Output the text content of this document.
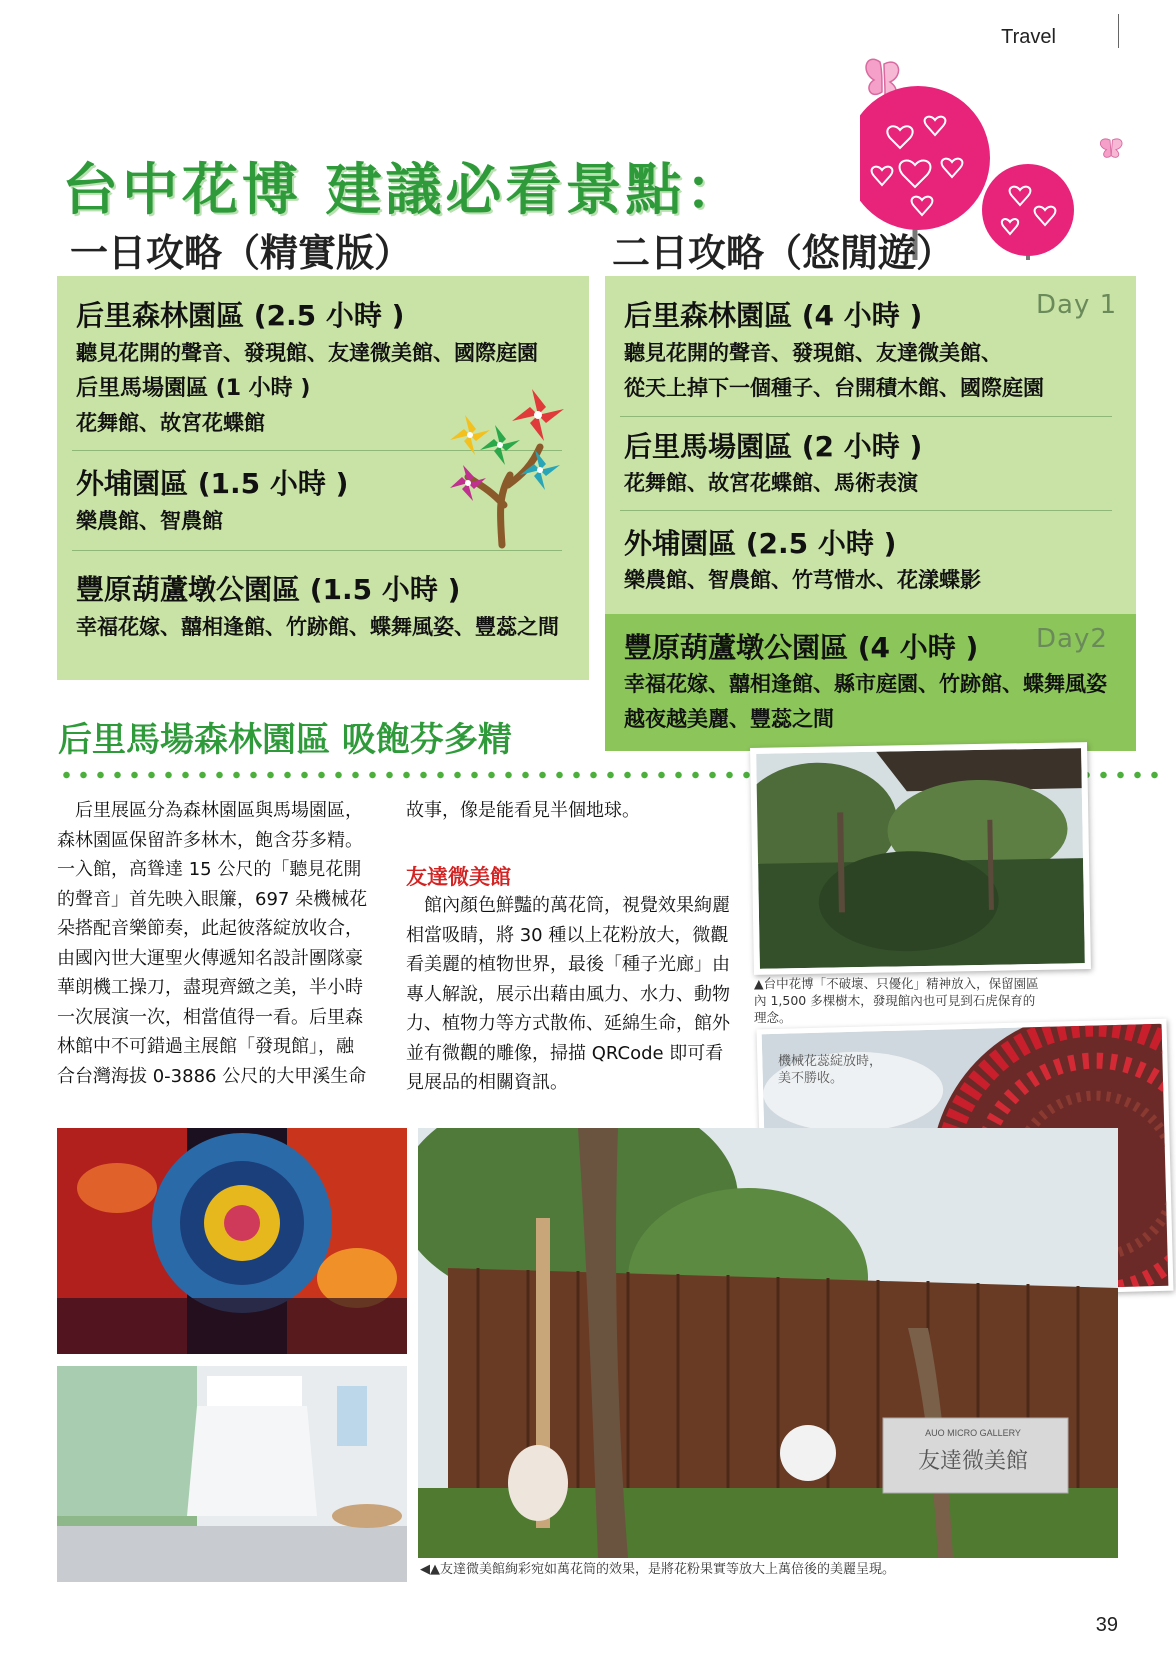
Travel
台中花博 建議必看景點：
一日攻略（精實版）	二日攻略（悠閒遊）
后里森林園區 (2.5 小時 )
聽見花開的聲音、發現館、友達微美館、國際庭園
后里馬場園區 (1 小時 )
花舞館、故宮花蝶館
外埔園區 (1.5 小時 )
樂農館、智農館
豐原葫蘆墩公園區 (1.5 小時 )
幸福花嫁、囍相逢館、竹跡館、蝶舞風姿、豐蕊之間
Day 1
后里森林園區 (4 小時 )
聽見花開的聲音、發現館、友達微美館、
從天上掉下一個種子、台開積木館、國際庭園
后里馬場園區 (2 小時 )
花舞館、故宮花蝶館、馬術表演
外埔園區 (2.5 小時 )
樂農館、智農館、竹芎惜水、花漾蝶影
Day2
豐原葫蘆墩公園區 (4 小時 )
幸福花嫁、囍相逢館、縣市庭園、竹跡館、蝶舞風姿
越夜越美麗、豐蕊之間
后里馬場森林園區 吸飽芬多精
　后里展區分為森林園區與馬場園區，
森林園區保留許多林木，飽含芬多精。
一入館，高聳達 15 公尺的「聽見花開
的聲音」首先映入眼簾，697 朵機械花
朵搭配音樂節奏，此起彼落綻放收合，
由國內世大運聖火傳遞知名設計團隊豪
華朗機工操刀，盡現齊緻之美，半小時
一次展演一次，相當值得一看。后里森
林館中不可錯過主展館「發現館」，融
合台灣海拔 0-3886 公尺的大甲溪生命
故事，像是能看見半個地球。
友達微美館
　館內顏色鮮豔的萬花筒，視覺效果絢麗
相當吸睛，將 30 種以上花粉放大，微觀
看美麗的植物世界，最後「種子光廊」由
專人解說，展示出藉由風力、水力、動物
力、植物力等方式散佈、延綿生命，館外
並有微觀的雕像，掃描 QRCode 即可看
見展品的相關資訊。
▲台中花博「不破壞、只優化」精神放入，保留園區
內 1,500 多棵樹木，發現館內也可見到石虎保育的
理念。
機械花蕊綻放時，
美不勝收。
AUO MICRO GALLERY
友達微美館
◀▲友達微美館絢彩宛如萬花筒的效果，是將花粉果實等放大上萬倍後的美麗呈現。
39
